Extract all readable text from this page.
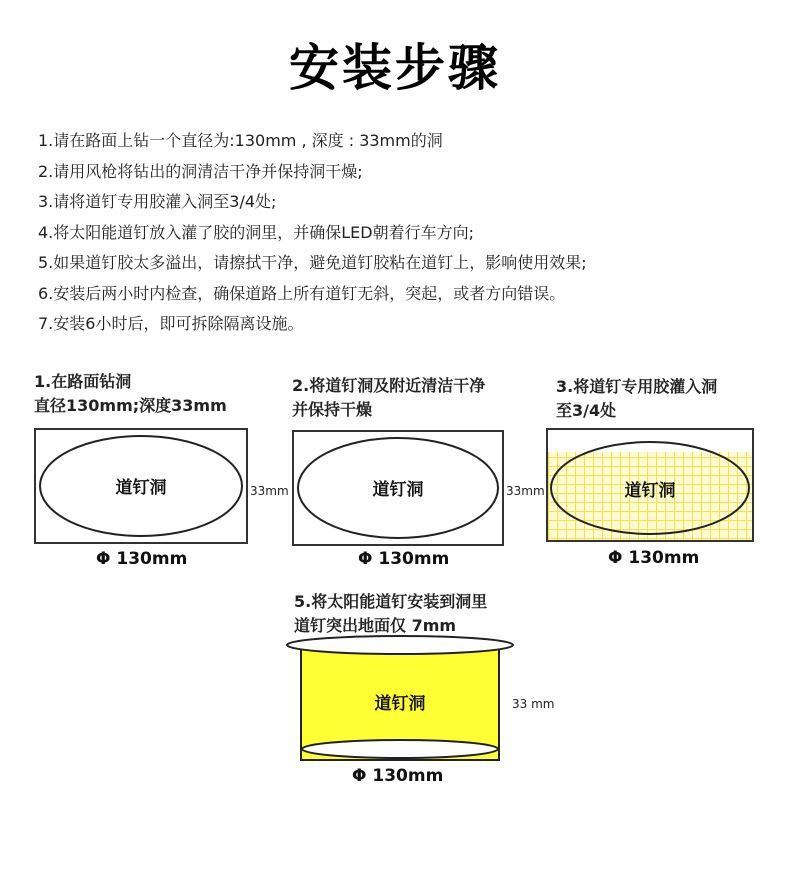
安装步骤
1.请在路面上钻一个直径为:130mm , 深度 : 33mm的洞
2.请用风枪将钻出的洞清洁干净并保持洞干燥;
3.请将道钉专用胶灌入洞至3/4处;
4.将太阳能道钉放入灌了胶的洞里，并确保LED朝着行车方向;
5.如果道钉胶太多溢出，请擦拭干净，避免道钉胶粘在道钉上，影响使用效果;
6.安装后两小时内检查，确保道路上所有道钉无斜，突起，或者方向错误。
7.安装6小时后，即可拆除隔离设施。
1.在路面钻洞
直径130mm;深度33mm
道钉洞	33mm
Φ 130mm
2.将道钉洞及附近清洁干净
并保持干燥
道钉洞	33mm
Φ 130mm
3.将道钉专用胶灌入洞
至3/4处
道钉洞
Φ 130mm
5.将太阳能道钉安装到洞里
道钉突出地面仅 7mm
道钉洞	33 mm
Φ 130mm
